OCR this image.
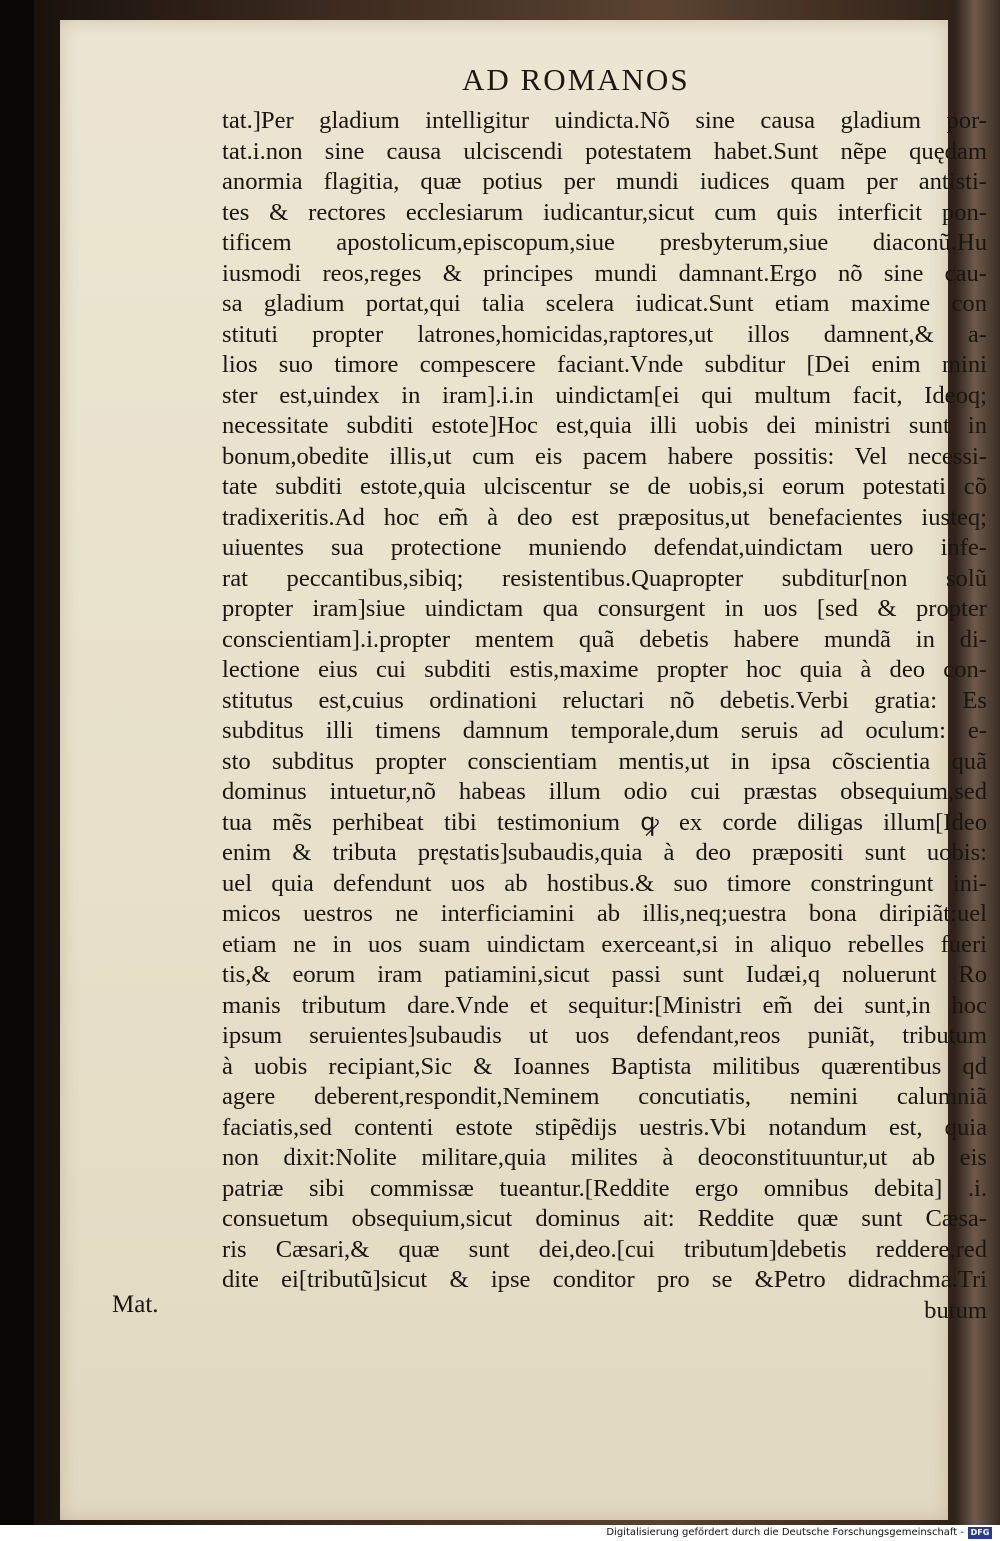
AD ROMANOS
tat.]Per gladium intelligitur uindicta.Nõ sine causa gladium por-
tat.i.non sine causa ulciscendi potestatem habet.Sunt nẽpe quędam
anormia flagitia, quæ potius per mundi iudices quam per antisti-
tes & rectores ecclesiarum iudicantur,sicut cum quis interficit pon-
tificem apostolicum,episcopum,siue presbyterum,siue diaconũ.Hu
iusmodi reos,reges & principes mundi damnant.Ergo nõ sine cau-
sa gladium portat,qui talia scelera iudicat.Sunt etiam maxime con
stituti propter latrones,homicidas,raptores,ut illos damnent,& a-
lios suo timore compescere faciant.Vnde subditur [Dei enim mini
ster est,uindex in iram].i.in uindictam[ei qui multum facit, Ideoq;
necessitate subditi estote]Hoc est,quia illi uobis dei ministri sunt in
bonum,obedite illis,ut cum eis pacem habere possitis: Vel necessi-
tate subditi estote,quia ulciscentur se de uobis,si eorum potestati cõ
tradixeritis.Ad hoc em̃ à deo est præpositus,ut benefacientes iusteq;
uiuentes sua protectione muniendo defendat,uindictam uero infe-
rat peccantibus,sibiq; resistentibus.Quapropter subditur[non solũ
propter iram]siue uindictam qua consurgent in uos [sed & propter
conscientiam].i.propter mentem quã debetis habere mundã in di-
lectione eius cui subditi estis,maxime propter hoc quia à deo con-
stitutus est,cuius ordinationi reluctari nõ debetis.Verbi gratia: Es
subditus illi timens damnum temporale,dum seruis ad oculum: e-
sto subditus propter conscientiam mentis,ut in ipsa cõscientia quã
dominus intuetur,nõ habeas illum odio cui præstas obsequium,sed
tua mẽs perhibeat tibi testimonium ꝙ ex corde diligas illum[Ideo
enim & tributa pręstatis]subaudis,quia à deo præpositi sunt uobis:
uel quia defendunt uos ab hostibus.& suo timore constringunt ini-
micos uestros ne interficiamini ab illis,neq;uestra bona diripiãt:uel
etiam ne in uos suam uindictam exerceant,si in aliquo rebelles fueri
tis,& eorum iram patiamini,sicut passi sunt Iudæi,q noluerunt Ro
manis tributum dare.Vnde et sequitur:[Ministri em̃ dei sunt,in hoc
ipsum seruientes]subaudis ut uos defendant,reos puniãt, tributum
à uobis recipiant,Sic & Ioannes Baptista militibus quærentibus qd
agere deberent,respondit,Neminem concutiatis, nemini calumniã
faciatis,sed contenti estote stipẽdijs uestris.Vbi notandum est, quia
non dixit:Nolite militare,quia milites à deoconstituuntur,ut ab eis
patriæ sibi commissæ tueantur.[Reddite ergo omnibus debita] .i.
consuetum obsequium,sicut dominus ait: Reddite quæ sunt Cæsa-
ris Cæsari,& quæ sunt dei,deo.[cui tributum]debetis reddere,red
dite ei[tributũ]sicut & ipse conditor pro se &Petro didrachma.Tri
butum
Mat.
Digitalisierung gefördert durch die Deutsche Forschungsgemeinschaft - DFG
